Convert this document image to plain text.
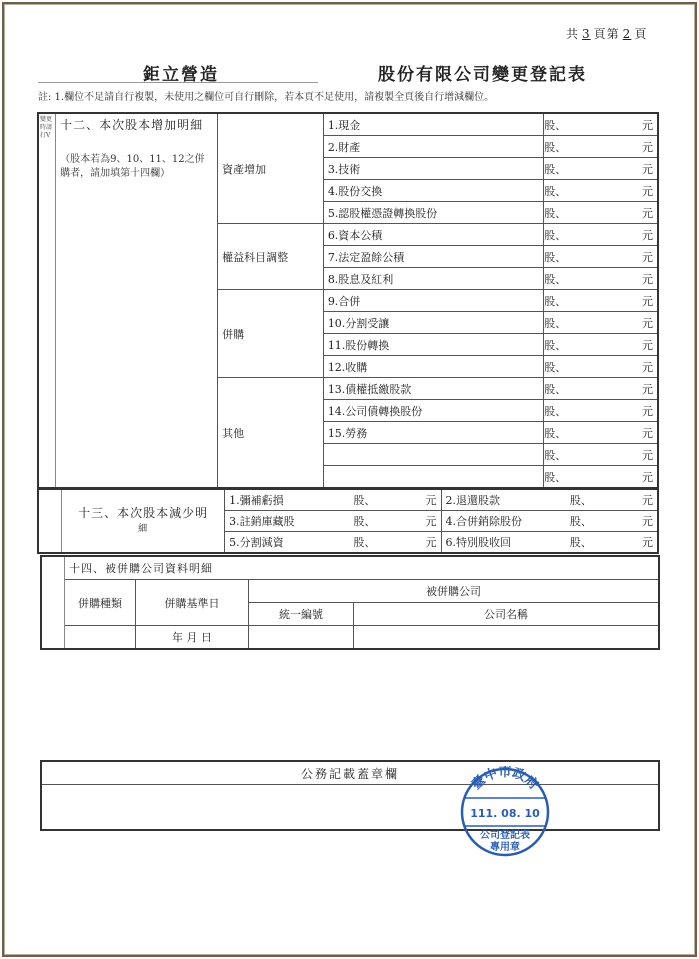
共 3 頁第 2 頁
鉅立營造	股份有限公司變更登記表
註: 1.欄位不足請自行複製，未使用之欄位可自行刪除，若本頁不足使用，請複製全頁後自行增減欄位。
變更時請打V	十二、本次股本增加明細
（股本若為9、10、11、12之併購者，請加填第十四欄）	資產增加	1.現金	股、	元
			2.財產	股、	元
			3.技術	股、	元
			4.股份交換	股、	元
			5.認股權憑證轉換股份	股、	元
		權益科目調整	6.資本公積	股、	元
			7.法定盈餘公積	股、	元
			8.股息及紅利	股、	元
		併購	9.合併	股、	元
			10.分割受讓	股、	元
			11.股份轉換	股、	元
			12.收購	股、	元
		其他	13.債權抵繳股款	股、	元
			14.公司債轉換股份	股、	元
			15.勞務	股、	元
				股、	元
				股、	元

	十三、本次股本減少明
細	1.彌補虧損	股、	元	2.退還股款	股、	元
		3.註銷庫藏股	股、	元	4.合併銷除股份	股、	元
		5.分割減資	股、	元	6.特別股收回	股、	元
	十四、被併購公司資料明細			
	併購種類	併購基準日	被併購公司	
			統一編號	公司名稱
		年 月 日		
公務記載蓋章欄	臺中市政府
111. 08. 10
公司登記表
專用章
